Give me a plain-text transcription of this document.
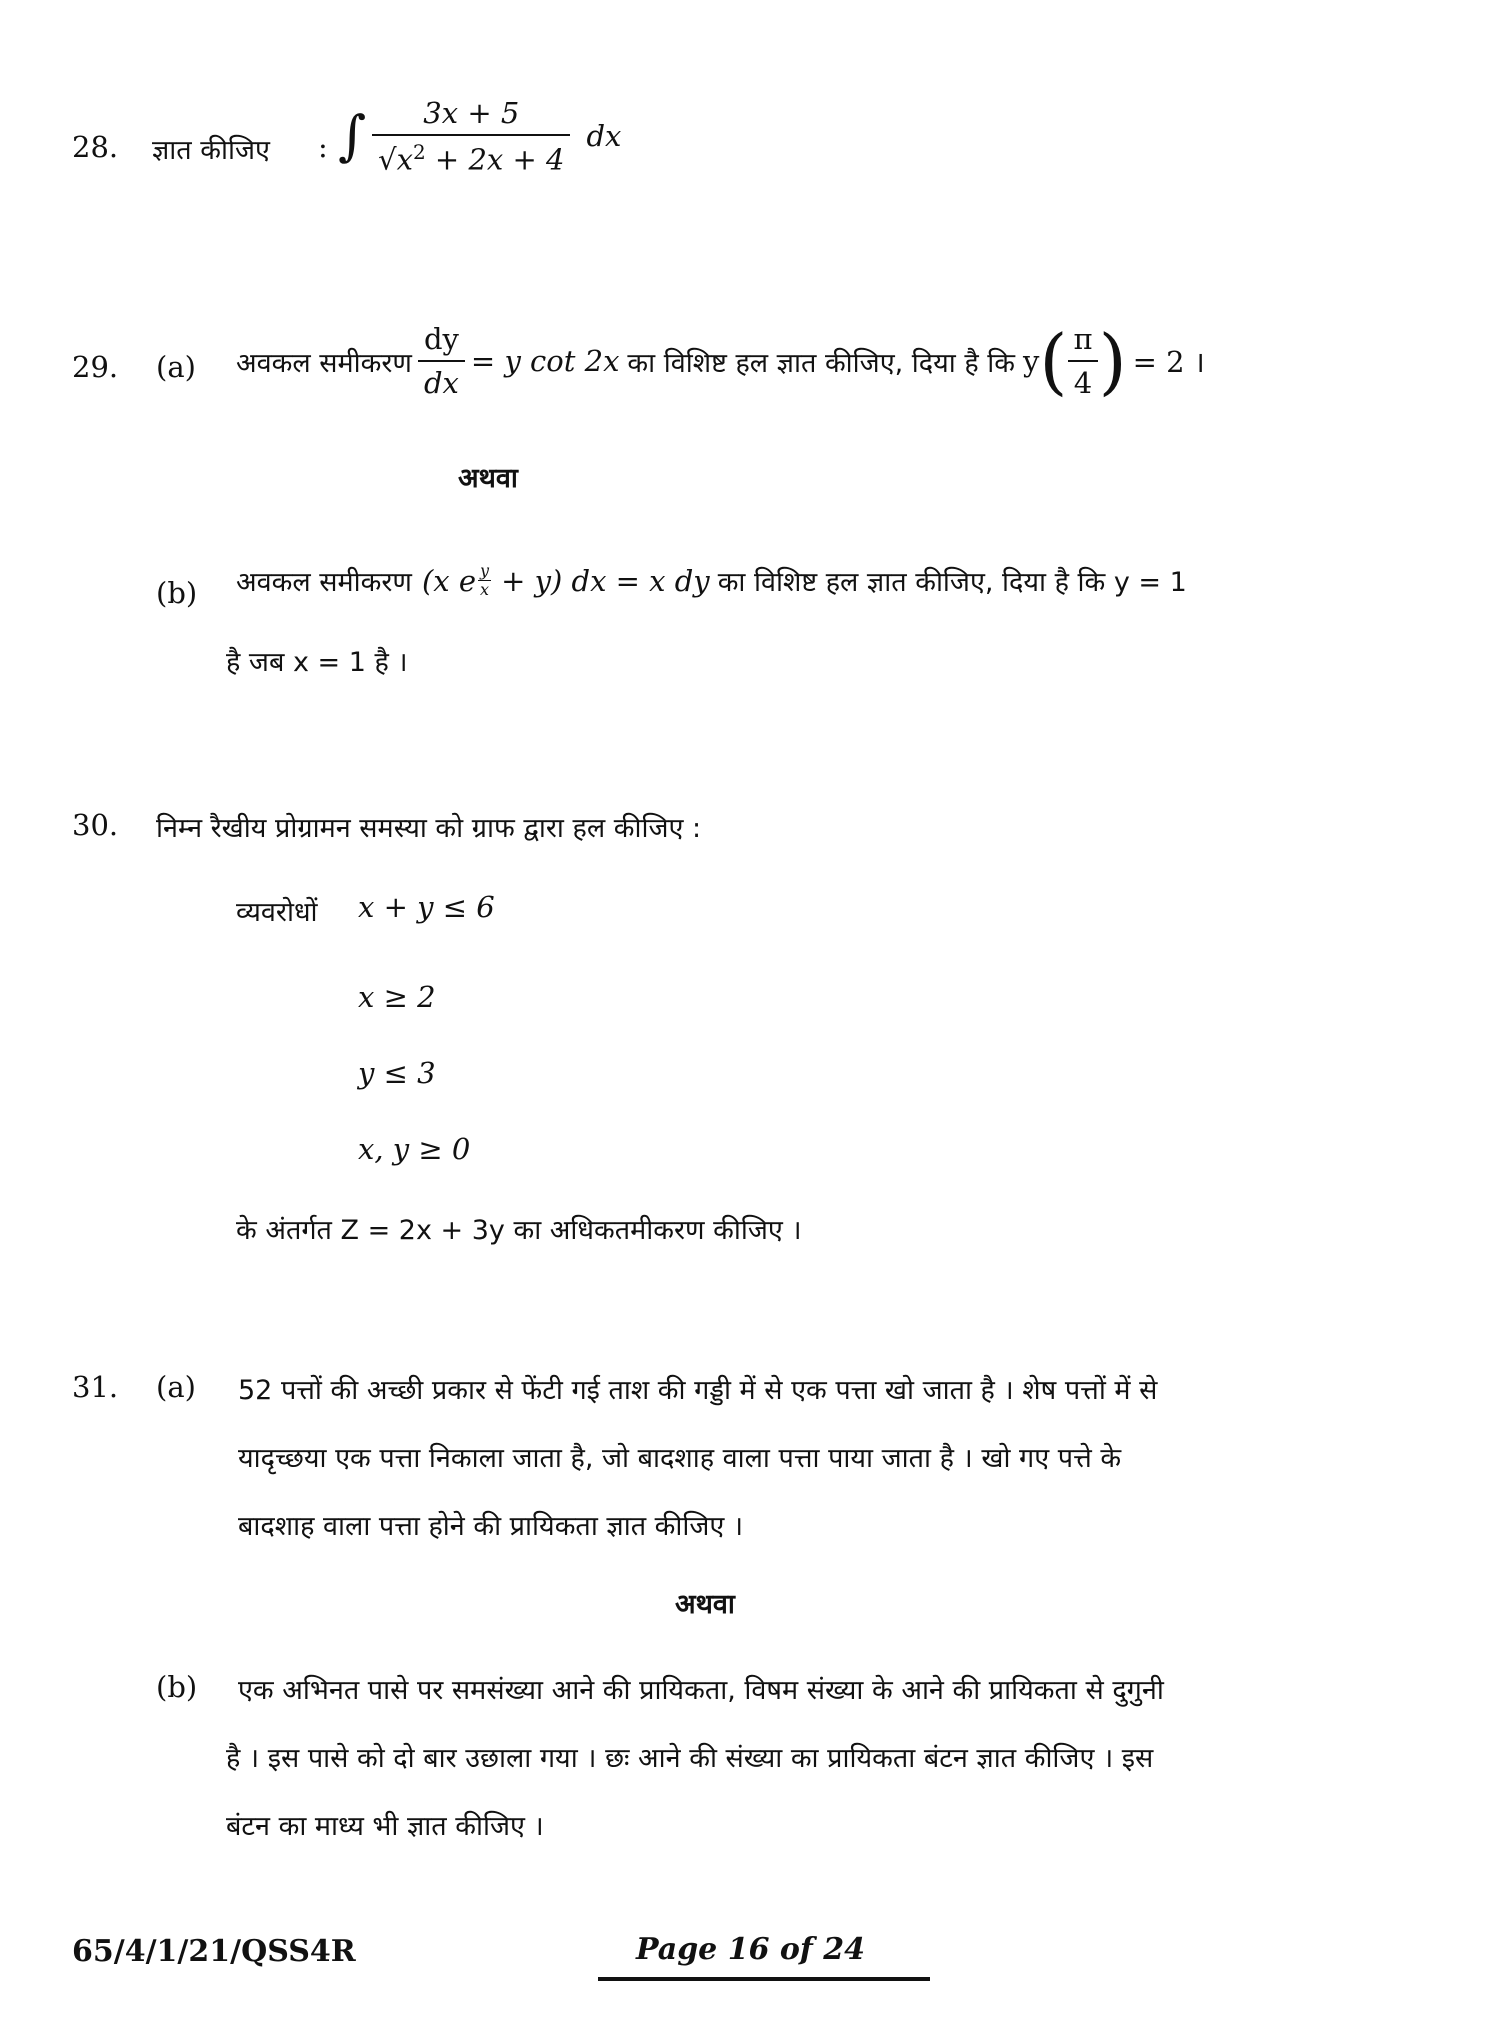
28. ज्ञात कीजिए : ∫ $\frac{3x + 5}{√x^2 + 2x + 4}$ dx
29. (a) अवकल समीकरण $\frac{dy}{dx} = y$ cot 2x का विशिष्ट हल ज्ञात कीजिए, दिया है कि y ( $\frac{\pi}{4}$ ) = 2 ।
अथवा
(b) अवकल समीकरण (x e y
x + y) dx = x dy का विशिष्ट हल ज्ञात कीजिए, दिया है कि y = 1
है जब x = 1 है ।
30. निम्न रैखीय प्रोग्रामन समस्या को ग्राफ द्वारा हल कीजिए :
व्यवरोधों x + y ≤ 6
x ≥ 2
y ≤ 3
x, y ≥ 0
के अंतर्गत Z = 2x + 3y का अधिकतमीकरण कीजिए ।
31. (a) 52 पत्तों की अच्छी प्रकार से फेंटी गई ताश की गड्डी में से एक पत्ता खो जाता है । शेष पत्तों में से
यादृच्छया एक पत्ता निकाला जाता है, जो बादशाह वाला पत्ता पाया जाता है । खो गए पत्ते के
बादशाह वाला पत्ता होने की प्रायिकता ज्ञात कीजिए ।
अथवा
(b) एक अभिनत पासे पर समसंख्या आने की प्रायिकता, विषम संख्या के आने की प्रायिकता से दुगुनी
है । इस पासे को दो बार उछाला गया । छः आने की संख्या का प्रायिकता बंटन ज्ञात कीजिए । इस
बंटन का माध्य भी ज्ञात कीजिए ।
65/4/1/21/QSS4R	Page 16 of 24
